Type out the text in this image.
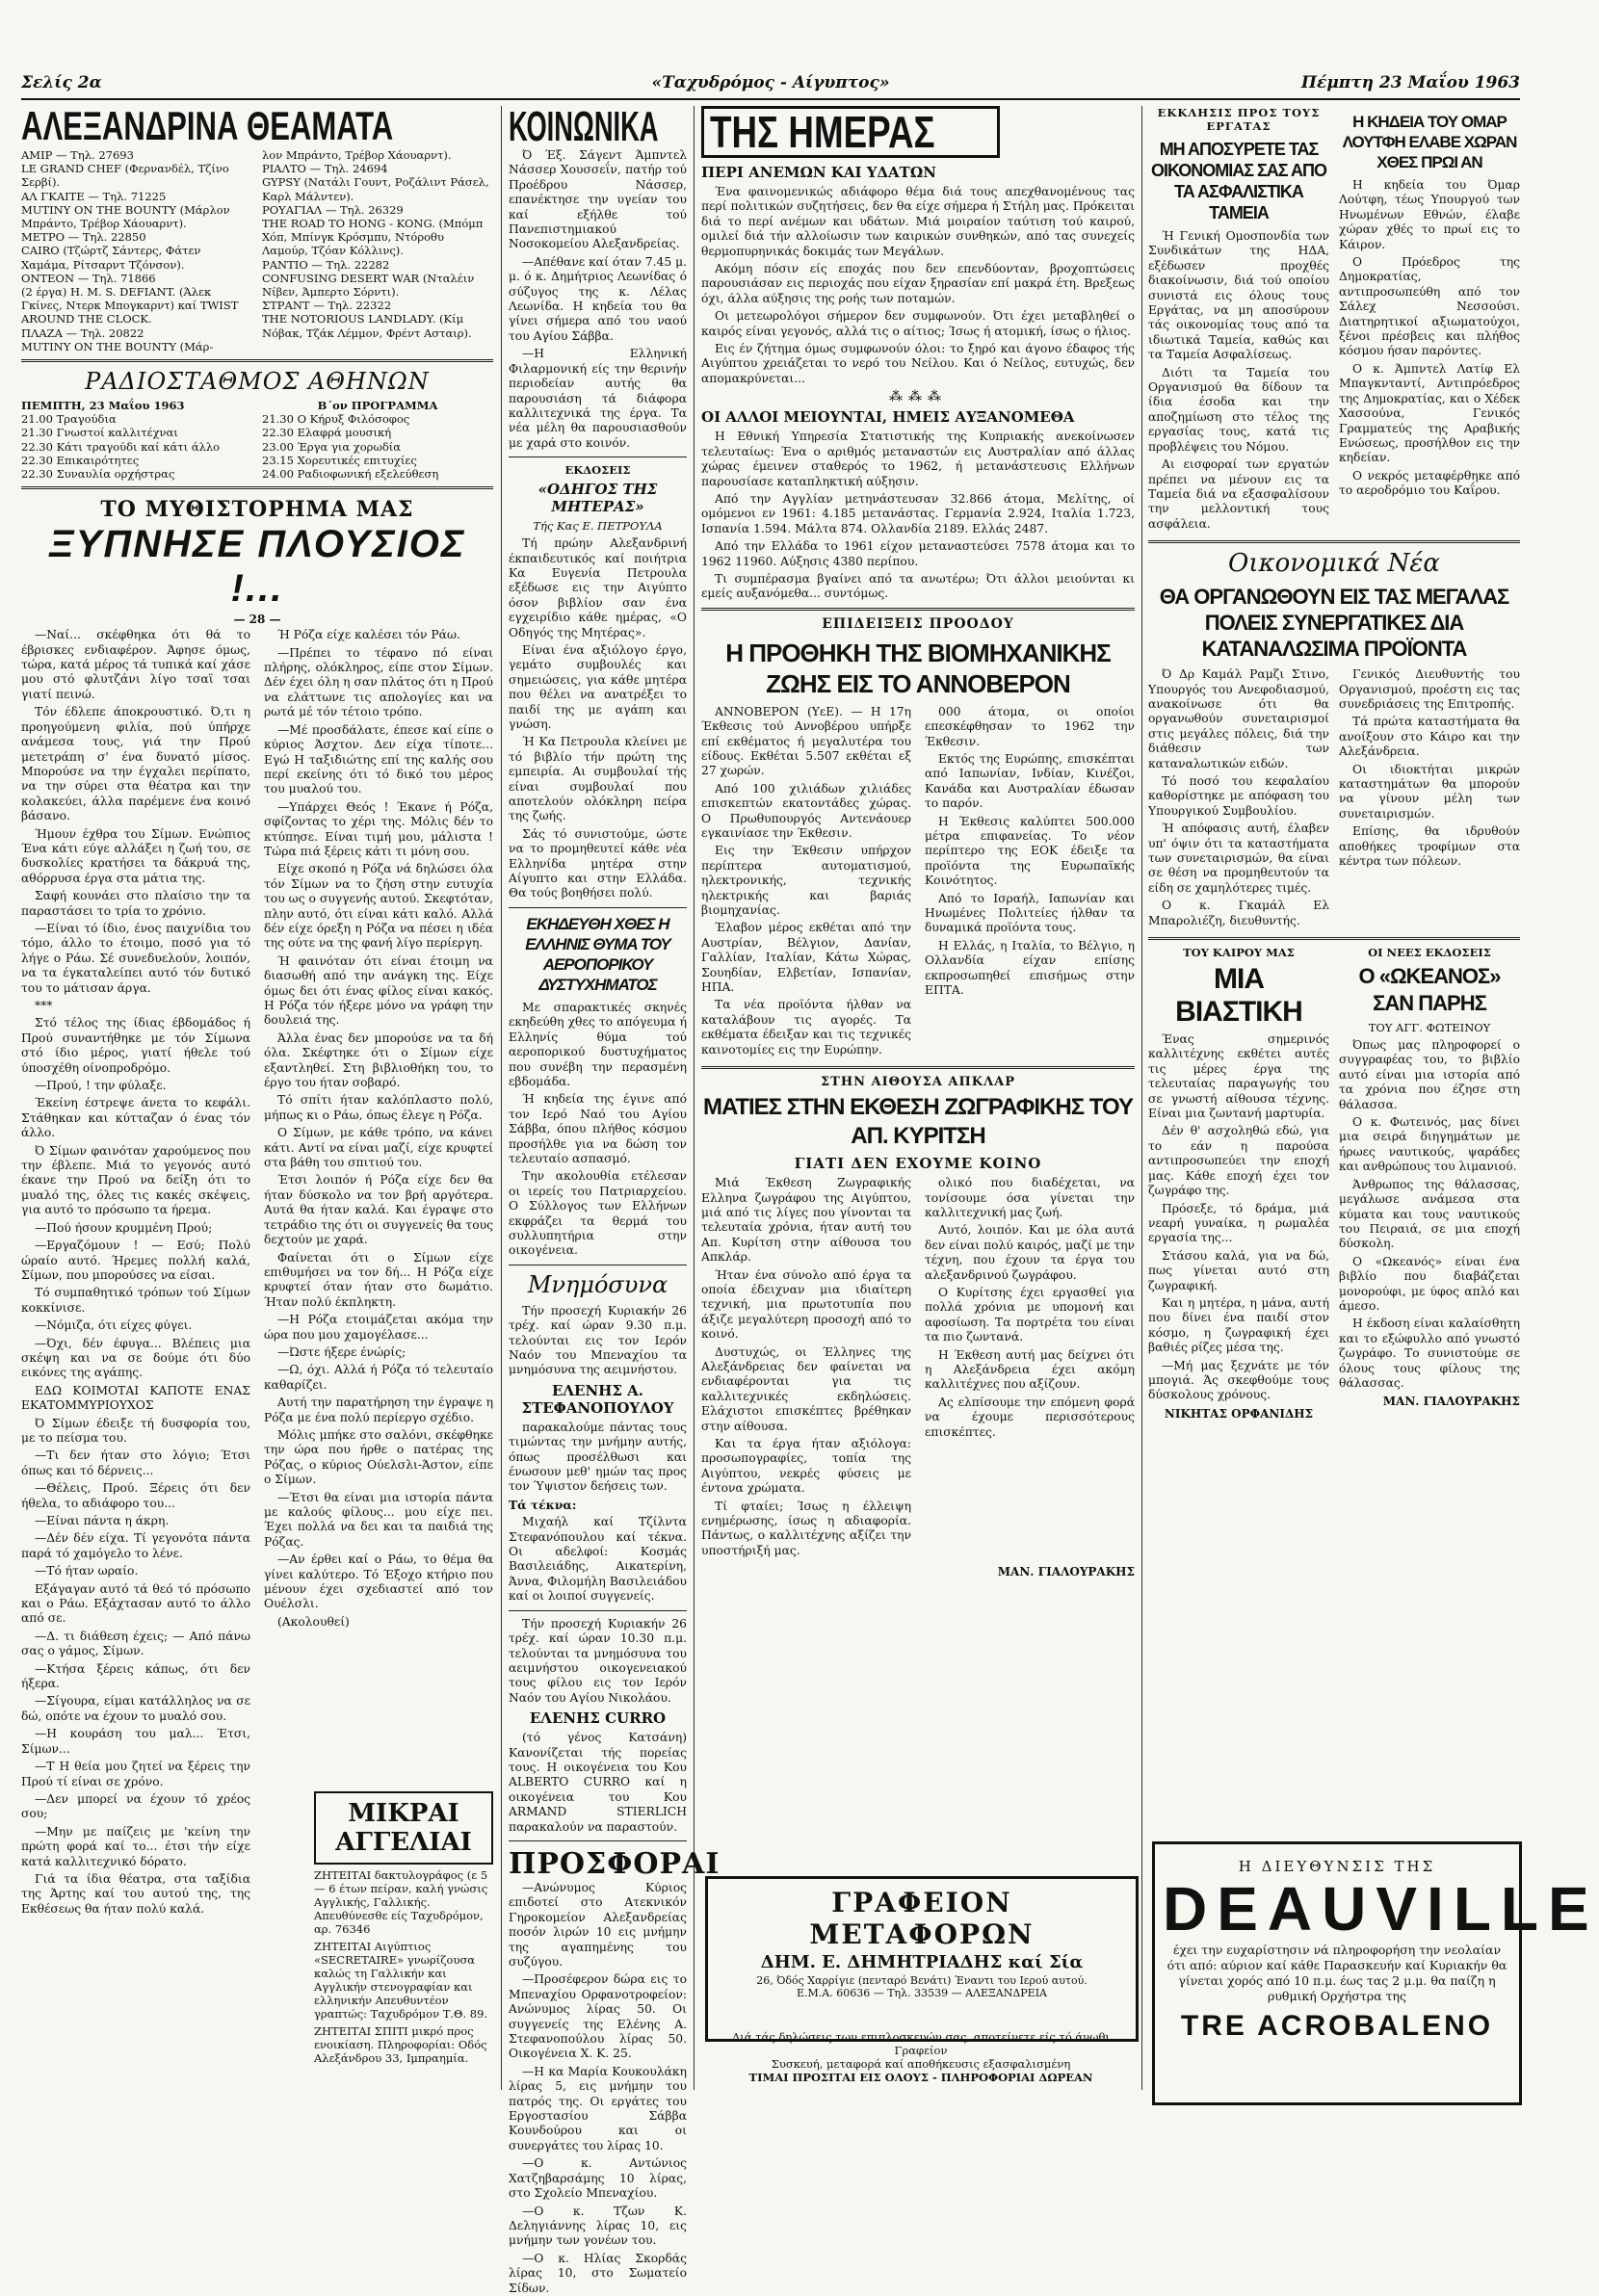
Σελίς 2α	«Ταχυδρόμος - Αίγυπτος»	Πέμπτη 23 Μαΐου 1963
ΑΛΕΞΑΝΔΡΙΝΑ ΘΕΑΜΑΤΑ
ΑΜΙΡ — Τηλ. 27693
LE GRAND CHEF (Φερνανδέλ, Τζίνο Σερβί).
ΑΛ ΓΚΑΙΤΕ — Τηλ. 71225
MUTINY ON THE BOUNTY (Μάρλον Μπράντο, Τρέβορ Χάουαρντ).
ΜΕΤΡΟ — Τηλ. 22850
CAIRO (Τζώρτζ Σάντερς, Φάτεν Χαμάμα, Ρίτσαρντ Τζόνσον).
ΟΝΤΕΟΝ — Τηλ. 71866
(2 έργα) Η. Μ. S. DEFIANT. (Άλεκ Γκίνες, Ντερκ Μπογκαρντ) καί TWIST AROUND THE CLOCK.
ΠΛΑΖΑ — Τηλ. 20822
MUTINY ON THE BOUNTY (Μάρ-
λον Μπράντο, Τρέβορ Χάουαρντ).
ΡΙΑΛΤΟ — Τηλ. 24694
GYPSY (Νατάλι Γουντ, Ροζάλιντ Ράσελ, Καρλ Μάλντεν).
ΡΟΥΑΓΙΑΛ — Τηλ. 26329
THE ROAD TO HONG - KONG. (Μπόμπ Χόπ, Μπίνγκ Κρόσμπυ, Ντόροθυ Λαμούρ, Τζόαν Κόλλινς).
ΡΑΝΤΙΟ — Τηλ. 22282
CONFUSING DESERT WAR (Νταλέιν Νίβεν, Άμπερτο Σόρντι).
ΣΤΡΑΝΤ — Τηλ. 22322
THE NOTORIOUS LANDLADY. (Κίμ Νόβακ, Τζάκ Λέμμον, Φρέντ Ασταιρ).
ΡΑΔΙΟΣΤΑΘΜΟΣ ΑΘΗΝΩΝ
ΠΕΜΠΤΗ, 23 Μαΐου 1963
21.00 Τραγούδια
21.30 Γνωστοί καλλιτέχναι
22.30 Κάτι τραγούδι καί κάτι άλλο
22.30 Επικαιρότητες
22.30 Συναυλία ορχήστρας
Β΄ον ΠΡΟΓΡΑΜΜΑ
21.30 Ο Κήρυξ Φιλόσοφος
22.30 Ελαφρά μουσική
23.00 Έργα για χορωδία
23.15 Χορευτικές επιτυχίες
24.00 Ραδιοφωνική εξελεύθεση
ΤΟ ΜΥΘΙΣΤΟΡΗΜΑ ΜΑΣ
ΞΥΠΝΗΣΕ ΠΛΟΥΣΙΟΣ !...
— 28 —

—Ναί... σκέφθηκα ότι θά το έβρισκες ενδιαφέρον. Άφησε όμως, τώρα, κατά μέρος τά τυπικά καί χάσε μου στό φλυτζάνι λίγο τσαϊ τσαι γιατί πεινώ.

Τόν έδλεπε άποκρουστικό. Ό,τι η προηγούμενη φιλία, πού ύπήρχε ανάμεσα τους, γιά την Πρού μετετράπη σ' ένα δυνατό μίσος. Μπορούσε να την έγχαλει περίπατο, να την σύρει στα θέατρα και την κολακεύει, άλλα παρέμενε ένα κοινό βάσανο.

Ήμουν έχθρα του Σίμων. Ενώπιος Ένα κάτι εύγε αλλάξει η ζωή του, σε δυσκολίες κρατήσει τα δάκρυά της, αθόρρυσα έργα στα μάτια της.

Σαφή κουνάει στο πλαίσιο την τα παραστάσει το τρία το χρόνιο.

—Είναι τό ίδιο, ένος παιχνίδια του τόμο, άλλο το έτοιμο, ποσό για τό λήγε ο Ράω. Σέ συνεδυελούν, λοιπόν, να τα έγκαταλείπει αυτό τόν δυτικό του το μάτισαν άργα.

***

Στό τέλος της ίδιας έβδομάδος ή Πρού συναντήθηκε με τόν Σίμωνα στό ίδιο μέρος, γιατί ήθελε τού ύποσχέθη οίνοπροδρόμο.

—Πρού, ! την φύλαξε.

Έκείνη έστρεψε άνετα το κεφάλι. Στάθηκαν και κύτταζαν ό ένας τόν άλλο.

Ό Σίμων φαινόταν χαρούμενος που την έβλεπε. Μιά το γεγονός αυτό έκανε την Πρού να δείξη ότι το μυαλό της, όλες τις κακές σκέψεις, για αυτό το πρόσωπο τα ήρεμα.

—Πού ήσουν κρυμμένη Πρού;

—Εργαζόμουν ! — Εσύ; Πολύ ώραίο αυτό. Ήρεμες πολλή καλά, Σίμων, που μπορούσες να είσαι.

Τό συμπαθητικό τρόπων τού Σίμων κοκκίνισε.

—Νόμιζα, ότι είχες φύγει.

—Όχι, δέν έφυγα... Βλέπεις μια σκέψη και να σε δούμε ότι δύο εικόνες της αγάπης.

ΕΔΩ ΚΟΙΜΟΤΑΙ ΚΑΠΟΤΕ ΕΝΑΣ ΕΚΑΤΟΜΜΥΡΙΟΥΧΟΣ

Ό Σίμων έδειξε τή δυσφορία του, με το πείσμα του.

—Τι δεν ήταν στο λόγιο; Έτσι όπως και τό δέρνεις...

—Θέλεις, Πρού. Ξέρεις ότι δεν ήθελα, το αδιάφορο του...

—Είναι πάντα η άκρη.

—Δέν δέν είχα. Τί γεγονότα πάντα παρά τό χαμόγελο το λένε.

—Τό ήταν ωραίο.

Εξάγαγαν αυτό τά θεό τό πρόσωπο και ο Ράω. Εξάχτασαν αυτό το άλλο από σε.

—Δ. τι διάθεση έχεις; — Από πάνω σας ο γάμος, Σίμων.

—Κτήσα ξέρεις κάπως, ότι δεν ήξερα.

—Σίγουρα, είμαι κατάλληλος να σε δώ, οπότε να έχουν το μυαλό σου.

—Η κουράση του μαλ... Έτσι, Σίμων...

—Τ Η θεία μου ζητεί να ξέρεις την Πρού τί είναι σε χρόνο.

—Δεν μπορεί να έχουν τό χρέος σου;

—Μην με παίζεις με 'κείνη την πρώτη φορά καί το... έτσι τήν είχε κατά καλλιτεχνικό δόρατο.

Γιά τα ίδια θέατρα, στα ταξίδια της Άρτης καί του αυτού της, της Εκθέσεως θα ήταν πολύ καλά.

Ή Ρόζα είχε καλέσει τόν Ράω.

—Πρέπει το τέφανο πό είναι πλήρης, ολόκληρος, είπε στον Σίμων. Δέν έχει όλη η σαν πλάτος ότι η Πρού να ελάττωνε τις απολογίες και να ρωτά μέ τόν τέτοιο τρόπο.

—Μέ προσδάλατε, έπεσε καί είπε ο κύριος Άσχτον. Δεν είχα τίποτε... Εγώ Η ταξιδιώτης επί της καλής σου περί εκείνης ότι τό δικό του μέρος του μυαλού του.

—Υπάρχει Θεός ! Έκανε ή Ρόζα, σφίζοντας το χέρι της. Μόλις δέν το κτύπησε. Είναι τιμή μου, μάλιστα ! Τώρα πιά ξέρεις κάτι τι μόνη σου.

Είχε σκοπό η Ρόζα νά δηλώσει όλα τόν Σίμων να το ζήση στην ευτυχία του ως ο συγγενής αυτού. Σκεφτόταν, πλην αυτό, ότι είναι κάτι καλό. Αλλά δέν είχε όρεξη η Ρόζα να πέσει η ιδέα της ούτε να της φανή λίγο περίεργη.

Ή φαινόταν ότι είναι έτοιμη να διασωθή από την ανάγκη της. Είχε όμως δει ότι ένας φίλος είναι κακός. Η Ρόζα τόν ήξερε μόνο να γράφη την δουλειά της.

Άλλα ένας δεν μπορούσε να τα δή όλα. Σκέφτηκε ότι ο Σίμων είχε εξαντληθεί. Στη βιβλιοθήκη του, το έργο του ήταν σοβαρό.

Τό σπίτι ήταν καλόπλαστο πολύ, μήπως κι ο Ράω, όπως έλεγε η Ρόζα.

Ο Σίμων, με κάθε τρόπο, να κάνει κάτι. Αντί να είναι μαζί, είχε κρυφτεί στα βάθη του σπιτιού του.

Έτσι λοιπόν ή Ρόζα είχε δεν θα ήταν δύσκολο να τον βρή αργότερα. Αυτά θα ήταν καλά. Και έγραψε στο τετράδιο της ότι οι συγγενείς θα τους δεχτούν με χαρά.

Φαίνεται ότι ο Σίμων είχε επιθυμήσει να τον δή... Η Ρόζα είχε κρυφτεί όταν ήταν στο δωμάτιο. Ήταν πολύ έκπληκτη.

—Η Ρόζα ετοιμάζεται ακόμα την ώρα που μου χαμογέλασε...

—Ώστε ήξερε ένώρίς;

—Ω, όχι. Αλλά ή Ρόζα τό τελευταίο καθαρίζει.

Αυτή την παρατήρηση την έγραψε η Ρόζα με ένα πολύ περίεργο σχέδιο.

Μόλις μπήκε στο σαλόνι, σκέφθηκε την ώρα που ήρθε ο πατέρας της Ρόζας, ο κύριος Ούελσλι-Άστον, είπε ο Σίμων.

—Έτσι θα είναι μια ιστορία πάντα με καλούς φίλους... μου είχε πει. Έχει πολλά να δει και τα παιδιά της Ρόζας.

—Αν έρθει καί ο Ράω, το θέμα θα γίνει καλύτερο. Τό Έξοχο κτήριο που μένουν έχει σχεδιαστεί από τον Ουέλσλι.

(Ακολουθεί)

ΚΟΙΝΩΝΙΚΑ

Ό Έξ. Σάγεντ Άμπντελ Νάσσερ Χουσσεΐν, πατήρ τού Προέδρου Νάσσερ, επανέκτησε την υγείαν του καί εξήλθε τού Πανεπιστημιακού Νοσοκομείου Αλεξανδρείας.

—Απέθανε καί όταν 7.45 μ. μ. ό κ. Δημήτριος Λεωνίδας ό σύζυγος της κ. Λέλας Λεωνίδα. Η κηδεία του θα γίνει σήμερα από του ναού του Αγίου Σάββα.

—Η Ελληνική Φιλαρμονική είς την θερινήν περιοδείαν αυτής θα παρουσιάση τά διάφορα καλλιτεχνικά της έργα. Τα νέα μέλη θα παρουσιασθούν με χαρά στο κοινόν.

ΕΚΔΟΣΕΙΣ
«ΟΔΗΓΟΣ ΤΗΣ ΜΗΤΕΡΑΣ»
Τής Κας Ε. ΠΕΤΡΟΥΛΑ

Τή πρώην Αλεξανδρινή έκπαιδευτικός καί ποιήτρια Κα Ευγενία Πετρουλα εξέδωσε εις την Αιγύπτο όσον βιβλίον σαν ένα εγχειρίδιο κάθε ημέρας, «Ο Οδηγός της Μητέρας».

Είναι ένα αξιόλογο έργο, γεμάτο συμβουλές και σημειώσεις, για κάθε μητέρα που θέλει να ανατρέξει το παιδί της με αγάπη και γνώση.

Ή Κα Πετρουλα κλείνει με τό βιβλίο τήν πρώτη της εμπειρία. Αι συμβουλαί τής είναι συμβουλαί που αποτελούν ολόκληρη πείρα της ζωής.

Σάς τό συνιστούμε, ώστε να το προμηθευτεί κάθε νέα Ελληνίδα μητέρα στην Αίγυπτο και στην Ελλάδα. Θα τούς βοηθήσει πολύ.

ΕΚΗΔΕΥΘΗ ΧΘΕΣ Η ΕΛΛΗΝΙΣ ΘΥΜΑ ΤΟΥ ΑΕΡΟΠΟΡΙΚΟΥ ΔΥΣΤΥΧΗΜΑΤΟΣ

Με σπαρακτικές σκηνές εκηδεύθη χθες το απόγευμα ή Ελληνίς θύμα τού αεροπορικού δυστυχήματος που συνέβη την περασμένη εβδομάδα.

Ή κηδεία της έγινε από τον Ιερό Ναό του Αγίου Σάββα, όπου πλήθος κόσμου προσήλθε για να δώση τον τελευταίο ασπασμό.

Την ακολουθία ετέλεσαν οι ιερείς του Πατριαρχείου. Ο Σύλλογος των Ελλήνων εκφράζει τα θερμά του συλλυπητήρια στην οικογένεια.

Μνημόσυνα

Τήν προσεχή Κυριακήν 26 τρέχ. καί ώραν 9.30 π.μ. τελούνται εις τον Ιερόν Ναόν του Μπεναχίου τα μνημόσυνα της αειμνήστου.

ΕΛΕΝΗΣ Α. ΣΤΕΦΑΝΟΠΟΥΛΟΥ

παρακαλούμε πάντας τους τιμώντας την μνήμην αυτής, όπως προσέλθωσι και ένωσουν μεθ' ημών τας προς τον Ύψιστον δεήσεις των.

Τά τέκνα:

Μιχαήλ καί Τζίλντα Στεφανόπουλου καί τέκνα. Οι αδελφοί: Κοσμάς Βασιλειάδης, Αικατερίνη, Άννα, Φιλομήλη Βασιλειάδου καί οι λοιποί συγγενείς.

Τήν προσεχή Κυριακήν 26 τρέχ. καί ώραν 10.30 π.μ. τελούνται τα μνημόσυνα του αειμνήστου οικογενειακού τους φίλου εις τον Ιερόν Ναόν του Αγίου Νικολάου.

ΕΛΕΝΗΣ CURRO

(τό γένος Κατσάνη) Κανονίζεται τής πορείας τους. Η οικογένεια του Κου ALBERTO CURRO καί η οικογένεια του Κου ARMAND STIERLICH παρακαλούν να παραστούν.

ΠΡΟΣΦΟΡΑΙ

—Ανώνυμος Κύριος επιδοτεί στο Ατεκνικόν Γηροκομείον Αλεξανδρείας ποσόν λιρών 10 εις μνήμην της αγαπημένης του συζύγου.

—Προσέφερον δώρα εις το Μπεναχίου Ορφανοτροφείον: Ανώνυμος λίρας 50. Οι συγγενείς της Ελένης Α. Στεφανοπούλου λίρας 50. Οικογένεια Χ. Κ. 25.

—Η κα Μαρία Κουκουλάκη λίρας 5, εις μνήμην του πατρός της. Οι εργάτες του Εργοστασίου Σάββα Κουνδούρου και οι συνεργάτες του λίρας 10.

—Ο κ. Αντώνιος Χατζηβαρσάμης 10 λίρας, στο Σχολείο Μπεναχίου.

—Ο κ. Τζων Κ. Δεληγιάννης λίρας 10, εις μνήμην των γονέων του.

—Ο κ. Ηλίας Σκορδάς λίρας 10, στο Σωματείο Σίδων.

ΜΙΚΡΑΙ ΑΓΓΕΛΙΑΙ

ΖΗΤΕΙΤΑΙ δακτυλογράφος (ε 5 — 6 έτων πείραν, καλή γνώσις Αγγλικής, Γαλλικής. Απευθύνεσθε είς Ταχυδρόμον, αρ. 76346

ΖΗΤΕΙΤΑΙ Αιγύπτιος «SECRETAIRE» γνωρίζουσα καλώς τη Γαλλικήν και Αγγλικήν στενογραφίαν και ελληνικήν Απευθυντέον γραπτώς: Ταχυδρόμον Τ.Θ. 89.

ΖΗΤΕΙΤΑΙ ΣΠΙΤΙ μικρό προς ενοικίαση. Πληροφορίαι: Οδός Αλεξάνδρου 33, Ιμπραημία.

ΤΗΣ ΗΜΕΡΑΣ
ΠΕΡΙ ΑΝΕΜΩΝ ΚΑΙ ΥΔΑΤΩΝ

Ένα φαινομενικώς αδιάφορο θέμα διά τους απεχθανομένους τας περί πολιτικών συζητήσεις, δεν θα είχε σήμερα ή Στήλη μας. Πρόκειται διά το περί ανέμων και υδάτων. Μιά μοιραίον ταύτιση τού καιρού, ομιλεί διά τήν αλλοίωσιν των καιρικών συνθηκών, από τας συνεχείς θερμοπυρηνικάς δοκιμάς των Μεγάλων.

Ακόμη πόσιν είς εποχάς που δεν επενδύονταν, βροχοπτώσεις παρουσιάσαν εις περιοχάς που είχαν ξηρασίαν επί μακρά έτη. Βρεξεως όχι, άλλα αύξησις της ροής των ποταμών.

Οι μετεωρολόγοι σήμερον δεν συμφωνούν. Ότι έχει μεταβληθεί ο καιρός είναι γεγονός, αλλά τις ο αίτιος; Ίσως ή ατομική, ίσως ο ήλιος.

Εις έν ζήτημα όμως συμφωνούν όλοι: το ξηρό και άγονο έδαφος τής Αιγύπτου χρειάζεται το νερό του Νείλου. Και ό Νείλος, ευτυχώς, δεν απομακρύνεται...

⁂⁂⁂
ΟΙ ΑΛΛΟΙ ΜΕΙΟΥΝΤΑΙ, ΗΜΕΙΣ ΑΥΞΑΝΟΜΕΘΑ

Η Εθνική Υπηρεσία Στατιστικής της Κυπριακής ανεκοίνωσεν τελευταίως: Ένα ο αριθμός μεταναστών εις Αυστραλίαν από άλλας χώρας έμεινεν σταθερός το 1962, ή μετανάστευσις Ελλήνων παρουσίασε καταπληκτική αύξησιν.

Από την Αγγλίαν μετηνάστευσαν 32.866 άτομα, Μελίτης, οί ομόμενοι εν 1961: 4.185 μετανάστας. Γερμανία 2.924, Ιταλία 1.723, Ισπανία 1.594. Μάλτα 874. Ολλανδία 2189. Ελλάς 2487.

Από την Ελλάδα το 1961 είχον μεταναστεύσει 7578 άτομα και το 1962 11960. Αύξησις 4380 περίπου.

Τι συμπέρασμα βγαίνει από τα ανωτέρω; Ότι άλλοι μειούνται κι εμείς αυξανόμεθα... συντόμως.

ΕΠΙΔΕΙΞΕΙΣ ΠΡΟΟΔΟΥ
Η ΠΡΟΘΗΚΗ ΤΗΣ ΒΙΟΜΗΧΑΝΙΚΗΣ ΖΩΗΣ ΕΙΣ ΤΟ ΑΝΝΟΒΕΡΟΝ

ΑΝΝΟΒΕΡΟΝ (ΥεΕ). — Η 17η Έκθεσις τού Αννοβέρου υπήρξε επί εκθέματος ή μεγαλυτέρα του είδους. Εκθέται 5.507 εκθέται εξ 27 χωρών.

Από 100 χιλιάδων χιλιάδες επισκεπτών εκατοντάδες χώρας. Ο Πρωθυπουργός Αντενάουερ εγκαινίασε την Έκθεσιν.

Εις την Έκθεσιν υπήρχον περίπτερα αυτοματισμού, ηλεκτρονικής, τεχνικής ηλεκτρικής και βαριάς βιομηχανίας.

Έλαβον μέρος εκθέται από την Αυστρίαν, Βέλγιον, Δανίαν, Γαλλίαν, Ιταλίαν, Κάτω Χώρας, Σουηδίαν, Ελβετίαν, Ισπανίαν, ΗΠΑ.

Τα νέα προϊόντα ήλθαν να καταλάβουν τις αγορές. Τα εκθέματα έδειξαν και τις τεχνικές καινοτομίες εις την Ευρώπην.

000 άτομα, οι οποίοι επεσκέφθησαν το 1962 την Έκθεσιν.

Εκτός της Ευρώπης, επισκέπται από Ιαπωνίαν, Ινδίαν, Κινέζοι, Κανάδα και Αυστραλίαν έδωσαν το παρόν.

Η Έκθεσις καλύπτει 500.000 μέτρα επιφανείας. Το νέον περίπτερο της ΕΟΚ έδειξε τα προϊόντα της Ευρωπαϊκής Κοινότητος.

Από το Ισραήλ, Ιαπωνίαν και Ηνωμένες Πολιτείες ήλθαν τα δυναμικά προϊόντα τους.

Η Ελλάς, η Ιταλία, το Βέλγιο, η Ολλανδία είχαν επίσης εκπροσωπηθεί επισήμως στην ΕΠΤΑ.

ΣΤΗΝ ΑΙΘΟΥΣΑ ΑΠΚΛΑΡ
ΜΑΤΙΕΣ ΣΤΗΝ ΕΚΘΕΣΗ ΖΩΓΡΑΦΙΚΗΣ ΤΟΥ ΑΠ. ΚΥΡΙΤΣΗ
ΓΙΑΤΙ ΔΕΝ ΕΧΟΥΜΕ ΚΟΙΝΟ

Μιά Έκθεση Ζωγραφικής Ελληνα ζωγράφου της Αιγύπτου, μιά από τις λίγες που γίνονται τα τελευταία χρόνια, ήταν αυτή του Απ. Κυρίτση στην αίθουσα του Απκλάρ.

Ήταν ένα σύνολο από έργα τα οποία έδειχναν μια ιδιαίτερη τεχνική, μια πρωτοτυπία που άξιζε μεγαλύτερη προσοχή από το κοινό.

Δυστυχώς, οι Έλληνες της Αλεξάνδρειας δεν φαίνεται να ενδιαφέρονται για τις καλλιτεχνικές εκδηλώσεις. Ελάχιστοι επισκέπτες βρέθηκαν στην αίθουσα.

Και τα έργα ήταν αξιόλογα: προσωπογραφίες, τοπία της Αιγύπτου, νεκρές φύσεις με έντονα χρώματα.

Τί φταίει; Ίσως η έλλειψη ενημέρωσης, ίσως η αδιαφορία. Πάντως, ο καλλιτέχνης αξίζει την υποστήριξή μας.

ολικό που διαδέχεται, να τονίσουμε όσα γίνεται την καλλιτεχνική μας ζωή.

Αυτό, λοιπόν. Και με όλα αυτά δεν είναι πολύ καιρός, μαζί με την τέχνη, που έχουν τα έργα του αλεξανδρινού ζωγράφου.

Ο Κυρίτσης έχει εργασθεί για πολλά χρόνια με υπομονή και αφοσίωση. Τα πορτρέτα του είναι τα πιο ζωντανά.

Η Έκθεση αυτή μας δείχνει ότι η Αλεξάνδρεια έχει ακόμη καλλιτέχνες που αξίζουν.

Ας ελπίσουμε την επόμενη φορά να έχουμε περισσότερους επισκέπτες.

ΜΑΝ. ΓΙΑΛΟΥΡΑΚΗΣ
ΓΡΑΦΕΙΟΝ ΜΕΤΑΦΟΡΩΝ
ΔΗΜ. Ε. ΔΗΜΗΤΡΙΑΔΗΣ καί Σία
26, Όδός Χαρρίγιε (πενταρό Βενάτι) Έναντι του Ιερού αυτού.
Ε.Μ.Α. 60636 — Τηλ. 33539 — ΑΛΕΞΑΝΔΡΕΙΑ
Διά τάς δηλώσεις των επιπλοσκευών σας, αποτείνετε είς τό άνωθι Γραφείον
Συσκευή, μεταφορά καί αποθήκευσις εξασφαλισμένη
ΤΙΜΑΙ ΠΡΟΣΙΤΑΙ ΕΙΣ ΟΛΟΥΣ - ΠΛΗΡΟΦΟΡΙΑΙ ΔΩΡΕΑΝ
ΕΚΚΛΗΣΙΣ ΠΡΟΣ ΤΟΥΣ ΕΡΓΑΤΑΣ
ΜΗ ΑΠΟΣΥΡΕΤΕ ΤΑΣ ΟΙΚΟΝΟΜΙΑΣ ΣΑΣ ΑΠΟ ΤΑ ΑΣΦΑΛΙΣΤΙΚΑ ΤΑΜΕΙΑ

Ή Γενική Ομοσπονδία των Συνδικάτων της ΗΔΑ, εξέδωσεν προχθές διακοίνωσιν, διά τού οποίου συνιστά εις όλους τους Εργάτας, να μη αποσύρουν τάς οικονομίας τους από τα ιδιωτικά Ταμεία, καθώς και τα Ταμεία Ασφαλίσεως.

Διότι τα Ταμεία του Οργανισμού θα δίδουν τα ίδια έσοδα και την αποζημίωση στο τέλος της εργασίας τους, κατά τις προβλέψεις του Νόμου.

Αι εισφοραί των εργατών πρέπει να μένουν εις τα Ταμεία διά να εξασφαλίσουν την μελλοντική τους ασφάλεια.

Η ΚΗΔΕΙΑ ΤΟΥ ΟΜΑΡ ΛΟΥΤΦΗ ΕΛΑΒΕ ΧΩΡΑΝ ΧΘΕΣ ΠΡΩΙ ΑΝ

Η κηδεία του Όμαρ Λούτφη, τέως Υπουργού των Ηνωμένων Εθνών, έλαβε χώραν χθές το πρωί εις το Κάιρον.

Ο Πρόεδρος της Δημοκρατίας, αντιπροσωπεύθη από τον Σάλεχ Νεσσούσι. Διατηρητικοί αξιωματούχοι, ξένοι πρέσβεις και πλήθος κόσμου ήσαν παρόντες.

Ο κ. Άμπντελ Λατίφ Ελ Μπαγκνταντί, Αντιπρόεδρος της Δημοκρατίας, και ο Χέδεκ Χασσούνα, Γενικός Γραμματεύς της Αραβικής Ενώσεως, προσήλθον εις την κηδείαν.

Ο νεκρός μεταφέρθηκε από το αεροδρόμιο του Καΐρου.

Οικονομικά Νέα
ΘΑ ΟΡΓΑΝΩΘΟΥΝ ΕΙΣ ΤΑΣ ΜΕΓΑΛΑΣ ΠΟΛΕΙΣ ΣΥΝΕΡΓΑΤΙΚΕΣ ΔΙΑ ΚΑΤΑΝΑΛΩΣΙΜΑ ΠΡΟΪΟΝΤΑ

Ό Δρ Καμάλ Ραμζι Στινο, Υπουργός του Ανεφοδιασμού, ανακοίνωσε ότι θα οργανωθούν συνεταιρισμοί στις μεγάλες πόλεις, διά την διάθεσιν των καταναλωτικών ειδών.

Τό ποσό του κεφαλαίου καθορίστηκε με απόφαση του Υπουργικού Συμβουλίου.

Ή απόφασις αυτή, έλαβεν υπ' όψιν ότι τα καταστήματα των συνεταιρισμών, θα είναι σε θέση να προμηθευτούν τα είδη σε χαμηλότερες τιμές.

Ο κ. Γκαμάλ Ελ Μπαρολιέζη, διευθυντής.

Γενικός Διευθυντής του Οργανισμού, προέστη εις τας συνεδριάσεις της Επιτροπής.

Τά πρώτα καταστήματα θα ανοίξουν στο Κάιρο και την Αλεξάνδρεια.

Οι ιδιοκτήται μικρών καταστημάτων θα μπορούν να γίνουν μέλη των συνεταιρισμών.

Επίσης, θα ιδρυθούν αποθήκες τροφίμων στα κέντρα των πόλεων.

ΤΟΥ ΚΑΙΡΟΥ ΜΑΣ
ΜΙΑ ΒΙΑΣΤΙΚΗ

Ένας σημερινός καλλιτέχνης εκθέτει αυτές τις μέρες έργα της τελευταίας παραγωγής του σε γνωστή αίθουσα τέχνης. Είναι μια ζωντανή μαρτυρία.

Δέν θ' ασχοληθώ εδώ, για το εάν η παρούσα αντιπροσωπεύει την εποχή μας. Κάθε εποχή έχει τον ζωγράφο της.

Πρόσεξε, τό δράμα, μιά νεαρή γυναίκα, η ρωμαλέα εργασία της...

Στάσου καλά, για να δώ, πως γίνεται αυτό στη ζωγραφική.

Και η μητέρα, η μάνα, αυτή που δίνει ένα παιδί στον κόσμο, η ζωγραφική έχει βαθιές ρίζες μέσα της.

—Μή μας ξεχνάτε με τόν μπογιά. Άς σκεφθούμε τους δύσκολους χρόνους.

ΝΙΚΗΤΑΣ ΟΡΦΑΝΙΔΗΣ
ΟΙ ΝΕΕΣ ΕΚΔΟΣΕΙΣ
Ο «ΩΚΕΑΝΟΣ» ΣΑΝ ΠΑΡΗΣ
ΤΟΥ ΑΓΓ. ΦΩΤΕΙΝΟΥ

Όπως μας πληροφορεί ο συγγραφέας του, το βιβλίο αυτό είναι μια ιστορία από τα χρόνια που έζησε στη θάλασσα.

Ο κ. Φωτεινός, μας δίνει μια σειρά διηγημάτων με ήρωες ναυτικούς, ψαράδες και ανθρώπους του λιμανιού.

Άνθρωπος της θάλασσας, μεγάλωσε ανάμεσα στα κύματα και τους ναυτικούς του Πειραιά, σε μια εποχή δύσκολη.

Ο «Ωκεανός» είναι ένα βιβλίο που διαβάζεται μονορούφι, με ύφος απλό και άμεσο.

Η έκδοση είναι καλαίσθητη και το εξώφυλλο από γνωστό ζωγράφο. Το συνιστούμε σε όλους τους φίλους της θάλασσας.

ΜΑΝ. ΓΙΑΛΟΥΡΑΚΗΣ
Η ΔΙΕΥΘΥΝΣΙΣ ΤΗΣ
DEAUVILLE
έχει την ευχαρίστησιν νά πληροφορήση την νεολαίαν ότι από: αύριον καί κάθε Παρασκευήν καί Κυριακήν θα γίνεται χορός από 10 π.μ. έως τας 2 μ.μ. θα παίζη η ρυθμική Ορχήστρα της
TRE ACROBALENO
